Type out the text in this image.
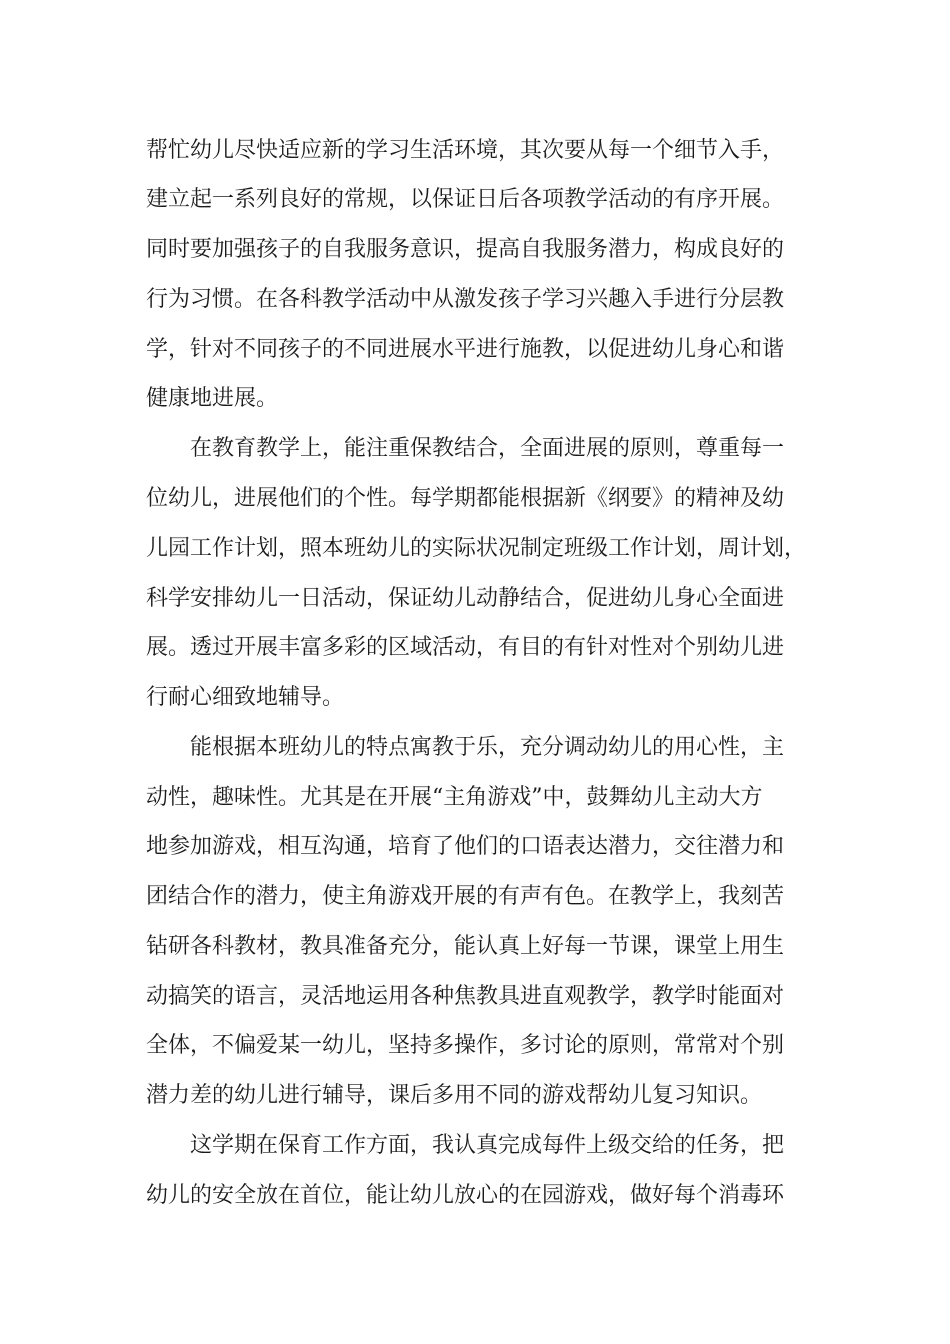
帮忙幼儿尽快适应新的学习生活环境，其次要从每一个细节入手，
建立起一系列良好的常规，以保证日后各项教学活动的有序开展。
同时要加强孩子的自我服务意识，提高自我服务潜力，构成良好的
行为习惯。在各科教学活动中从激发孩子学习兴趣入手进行分层教
学，针对不同孩子的不同进展水平进行施教，以促进幼儿身心和谐
健康地进展。
在教育教学上，能注重保教结合，全面进展的原则，尊重每一
位幼儿，进展他们的个性。每学期都能根据新《纲要》的精神及幼
儿园工作计划，照本班幼儿的实际状况制定班级工作计划，周计划，
科学安排幼儿一日活动，保证幼儿动静结合，促进幼儿身心全面进
展。透过开展丰富多彩的区域活动，有目的有针对性对个别幼儿进
行耐心细致地辅导。
能根据本班幼儿的特点寓教于乐，充分调动幼儿的用心性，主
动性，趣味性。尤其是在开展“主角游戏”中，鼓舞幼儿主动大方
地参加游戏，相互沟通，培育了他们的口语表达潜力，交往潜力和
团结合作的潜力，使主角游戏开展的有声有色。在教学上，我刻苦
钻研各科教材，教具准备充分，能认真上好每一节课，课堂上用生
动搞笑的语言，灵活地运用各种焦教具进直观教学，教学时能面对
全体，不偏爱某一幼儿，坚持多操作，多讨论的原则，常常对个别
潜力差的幼儿进行辅导，课后多用不同的游戏帮幼儿复习知识。
这学期在保育工作方面，我认真完成每件上级交给的任务，把
幼儿的安全放在首位，能让幼儿放心的在园游戏，做好每个消毒环
